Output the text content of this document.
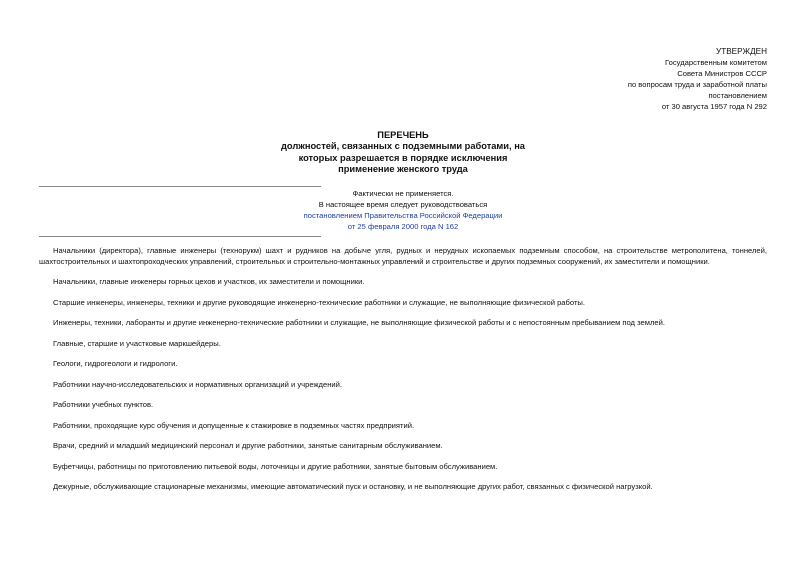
УТВЕРЖДЕН
Государственным комитетом
Совета Министров СССР
по вопросам труда и заработной платы
постановлением
от 30 августа 1957 года N 292
ПЕРЕЧЕНЬ
должностей, связанных с подземными работами, на
которых разрешается в порядке исключения
применение женского труда
Фактически не применяется.
В настоящее время следует руководствоваться
постановлением Правительства Российской Федерации
от 25 февраля 2000 года N 162

Начальники (директора), главные инженеры (технорукм) шахт и рудников на добыче угля, рудных и нерудных ископаемых подземным способом, на строительстве метрополитена, тоннелей, шахтостроительных и шахтопроходческих управлений, строительных и строительно-монтажных управлений и строительстве и других подземных сооружений, их заместители и помощники.

Начальники, главные инженеры горных цехов и участков, их заместители и помощники.

Старшие инженеры, инженеры, техники и другие руководящие инженерно-технические работники и служащие, не выполняющие физической работы.

Инженеры, техники, лаборанты и другие инженерно-технические работники и служащие, не выполняющие физической работы и с непостоянным пребыванием под землей.

Главные, старшие и участковые маркшейдеры.

Геологи, гидрогеологи и гидрологи.

Работники научно-исследовательских и нормативных организаций и учреждений.

Работники учебных пунктов.

Работники, проходящие курс обучения и допущенные к стажировке в подземных частях предприятий.

Врачи, средний и младший медицинский персонал и другие работники, занятые санитарным обслуживанием.

Буфетчицы, работницы по приготовлению питьевой воды, лоточницы и другие работники, занятые бытовым обслуживанием.

Дежурные, обслуживающие стационарные механизмы, имеющие автоматический пуск и остановку, и не выполняющие других работ, связанных с физической нагрузкой.
